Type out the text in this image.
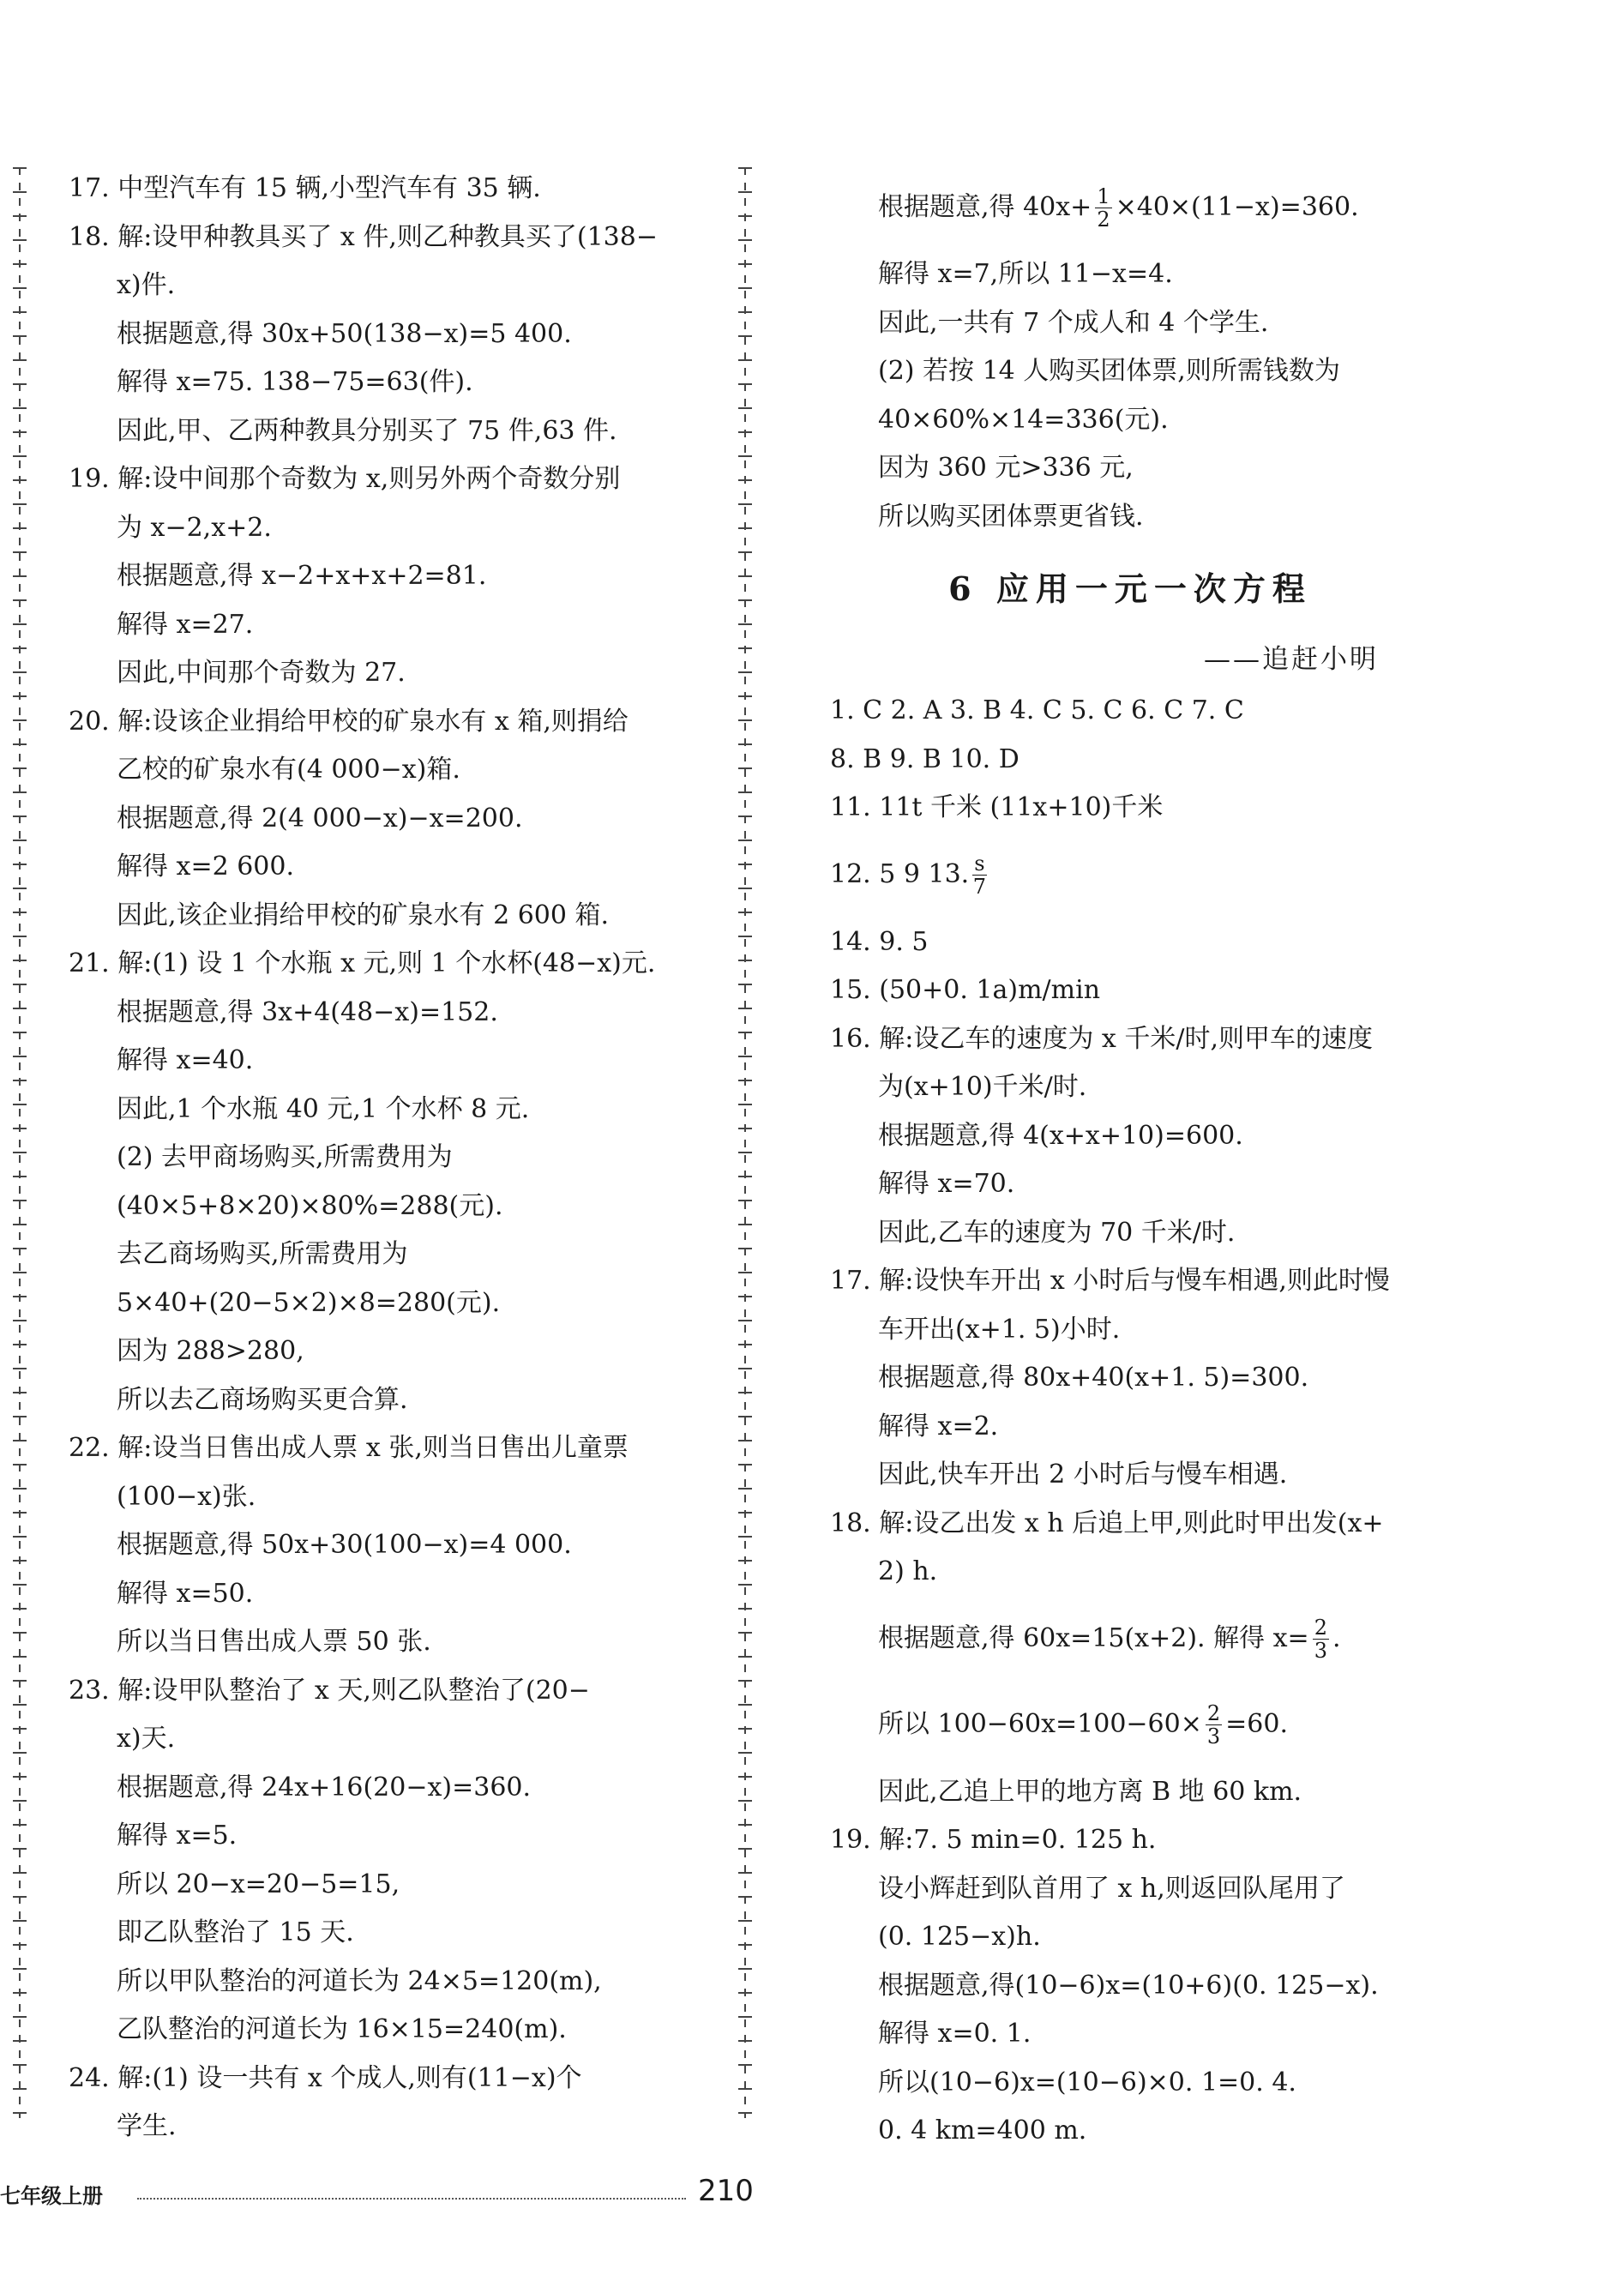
17. 中型汽车有 15 辆,小型汽车有 35 辆.
18. 解:设甲种教具买了 x 件,则乙种教具买了(138−
x)件.
根据题意,得 30x+50(138−x)=5 400.
解得 x=75. 138−75=63(件).
因此,甲、乙两种教具分别买了 75 件,63 件.
19. 解:设中间那个奇数为 x,则另外两个奇数分别
为 x−2,x+2.
根据题意,得 x−2+x+x+2=81.
解得 x=27.
因此,中间那个奇数为 27.
20. 解:设该企业捐给甲校的矿泉水有 x 箱,则捐给
乙校的矿泉水有(4 000−x)箱.
根据题意,得 2(4 000−x)−x=200.
解得 x=2 600.
因此,该企业捐给甲校的矿泉水有 2 600 箱.
21. 解:(1) 设 1 个水瓶 x 元,则 1 个水杯(48−x)元.
根据题意,得 3x+4(48−x)=152.
解得 x=40.
因此,1 个水瓶 40 元,1 个水杯 8 元.
(2) 去甲商场购买,所需费用为
(40×5+8×20)×80%=288(元).
去乙商场购买,所需费用为
5×40+(20−5×2)×8=280(元).
因为 288>280,
所以去乙商场购买更合算.
22. 解:设当日售出成人票 x 张,则当日售出儿童票
(100−x)张.
根据题意,得 50x+30(100−x)=4 000.
解得 x=50.
所以当日售出成人票 50 张.
23. 解:设甲队整治了 x 天,则乙队整治了(20−
x)天.
根据题意,得 24x+16(20−x)=360.
解得 x=5.
所以 20−x=20−5=15,
即乙队整治了 15 天.
所以甲队整治的河道长为 24×5=120(m),
乙队整治的河道长为 16×15=240(m).
24. 解:(1) 设一共有 x 个成人,则有(11−x)个
学生.
根据题意,得 $40x+ \frac{1}{2} \times 40\times(11-x)=360$.
解得 x=7,所以 11−x=4.
因此,一共有 7 个成人和 4 个学生.
(2) 若按 14 人购买团体票,则所需钱数为
40×60%×14=336(元).
因为 360 元>336 元,
所以购买团体票更省钱.
6 应用一元一次方程
——追赶小明
1. C 2. A 3. B 4. C 5. C 6. C 7. C
8. B 9. B 10. D
11. 11t 千米 (11x+10)千米
12. 5 9 13. $\frac{s}{7}$
14. 9. 5
15. (50+0. 1a)m/min
16. 解:设乙车的速度为 x 千米/时,则甲车的速度
为(x+10)千米/时.
根据题意,得 4(x+x+10)=600.
解得 x=70.
因此,乙车的速度为 70 千米/时.
17. 解:设快车开出 x 小时后与慢车相遇,则此时慢
车开出(x+1. 5)小时.
根据题意,得 80x+40(x+1. 5)=300.
解得 x=2.
因此,快车开出 2 小时后与慢车相遇.
18. 解:设乙出发 x h 后追上甲,则此时甲出发(x+
2) h.
根据题意,得 60x=15(x+2). 解得 $x= \frac{2}{3}$ .
所以 $100-60x=100-60\times \frac{2}{3} =60$.
因此,乙追上甲的地方离 B 地 60 km.
19. 解:7. 5 min=0. 125 h.
设小辉赶到队首用了 x h,则返回队尾用了
(0. 125−x)h.
根据题意,得(10−6)x=(10+6)(0. 125−x).
解得 x=0. 1.
所以(10−6)x=(10−6)×0. 1=0. 4.
0. 4 km=400 m.
七年级上册	210
